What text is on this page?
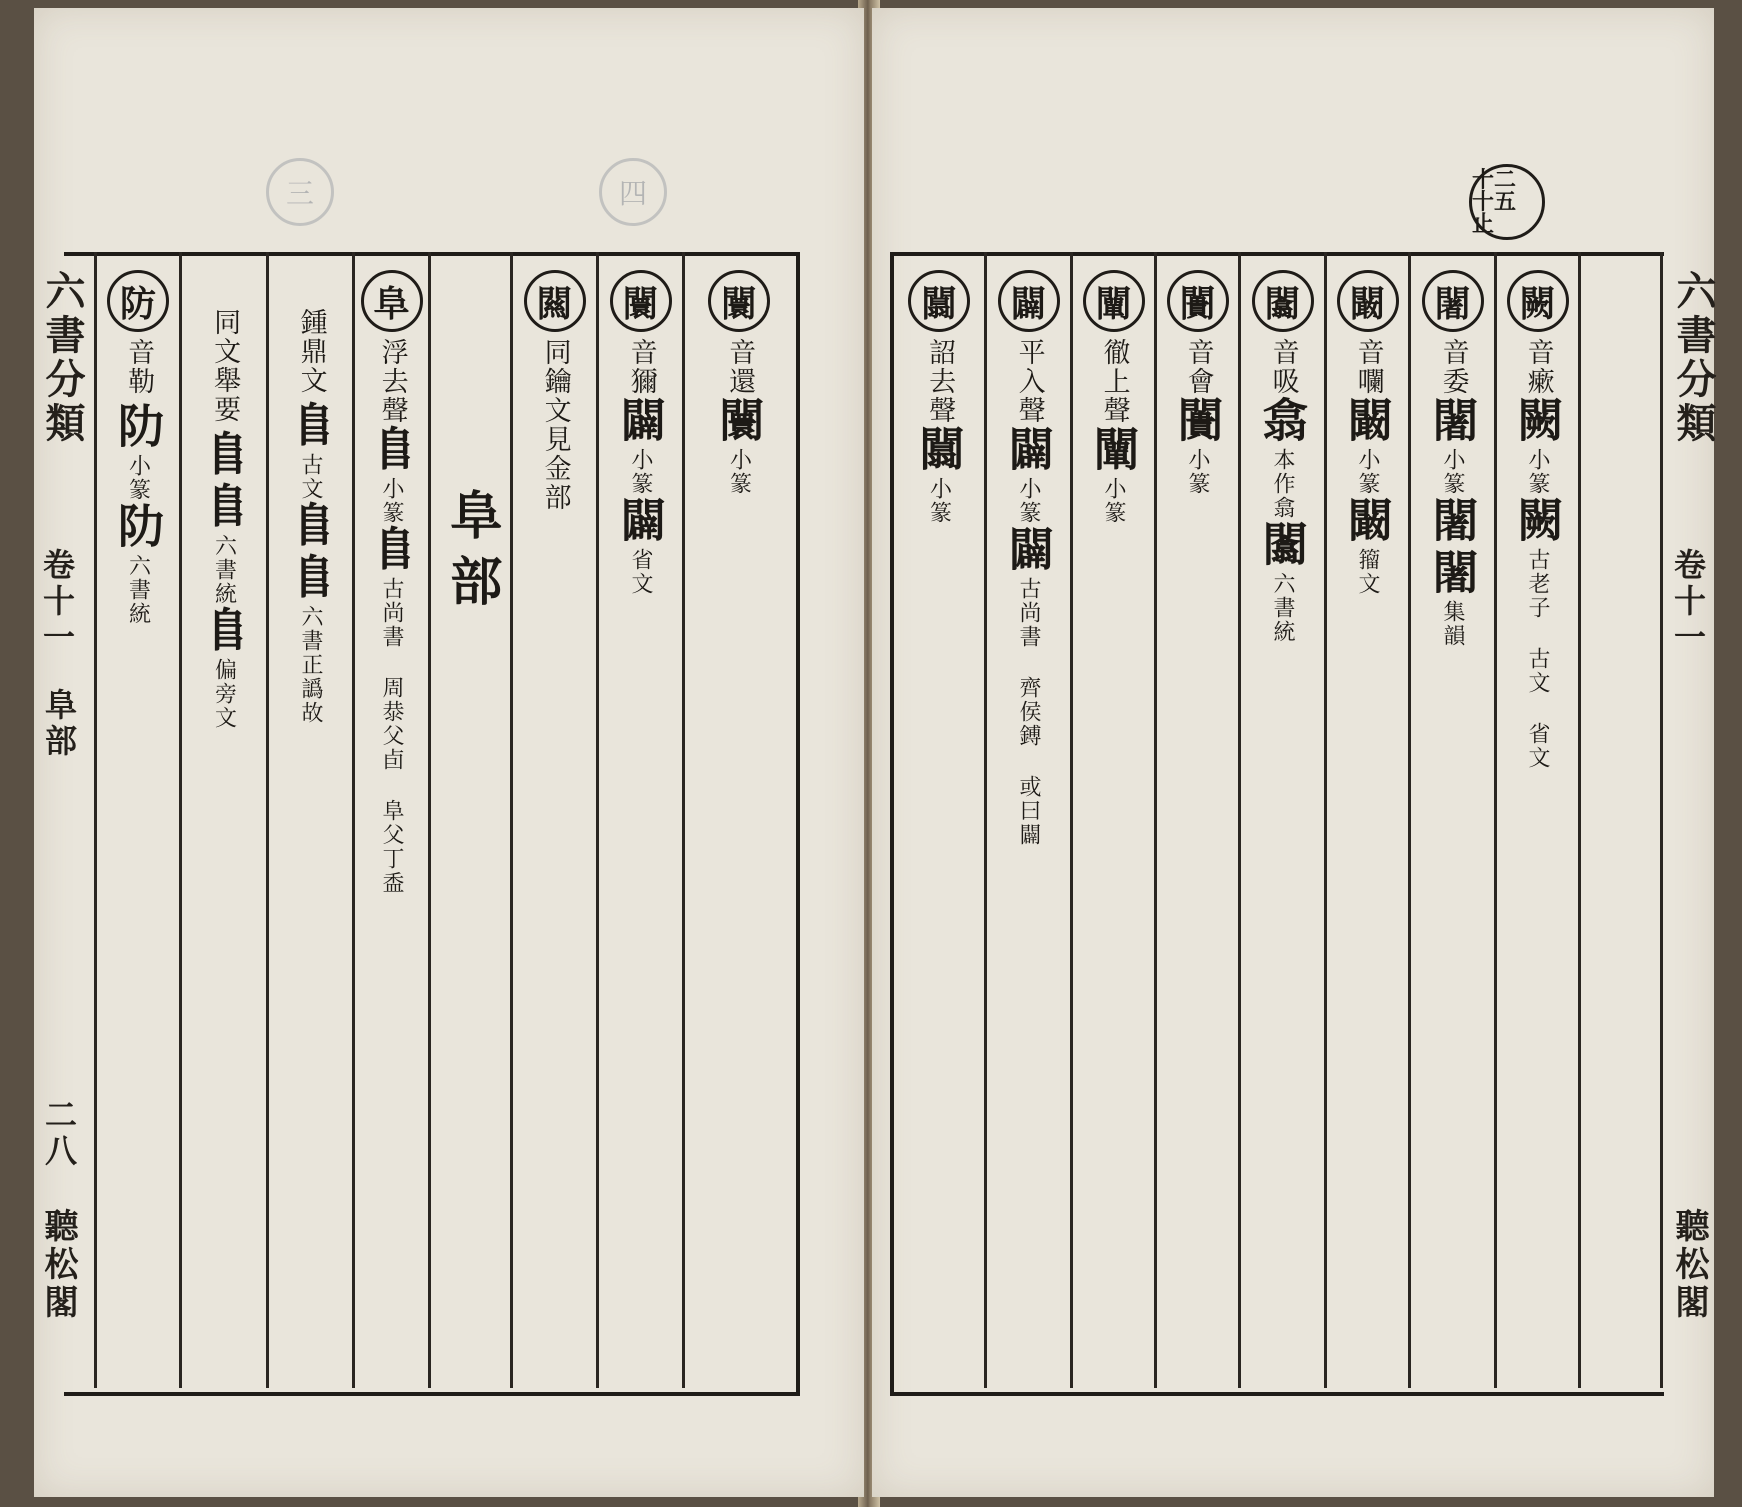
三	四
六書分類
卷十一
阜部
二八
聽松閣
防
音勒
阞
小篆
阞
六書統
同文舉要
𨸏𨸏
六書統
𨸏
偏旁文
鍾鼎文
𨸏
古文
𨸏𨸏
六書正譌故
阜
浮去聲
𨸏
小篆
𨸏
古尚書 周㳟父卣 阜父丁盉
阜部
闗
同鑰
文見金部
闤
音獮
闢
小篆
闢
省文
闤
音還
闤
小篆
十二 十五 止
六書分類
卷十一
聽松閣
闒
詔去聲
闒
小篆
闢
平入聲
闢
小篆
闢
古尚書 齊侯鎛 或曰闢
闡
徹上聲
闡
小篆
闠
音會
闠
小篆
闟
音吸
翕
本作翕
闟
六書統
闞
音㘓
闞
小篆
闞
籀文
闍
音委
闍
小篆
闍闍
集韻
闕
音瘶
闕
小篆
闕
古老子 古文 省文
